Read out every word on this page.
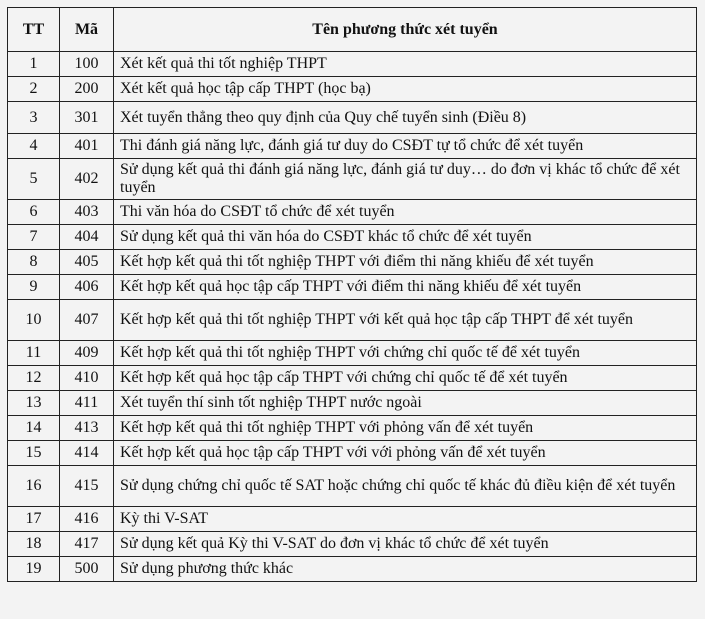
TT	Mã	Tên phương thức xét tuyển
1	100	Xét kết quả thi tốt nghiệp THPT
2	200	Xét kết quả học tập cấp THPT (học bạ)
3	301	Xét tuyển thẳng theo quy định của Quy chế tuyển sinh (Điều 8)
4	401	Thi đánh giá năng lực, đánh giá tư duy do CSĐT tự tổ chức để xét tuyển
5	402	Sử dụng kết quả thi đánh giá năng lực, đánh giá tư duy… do đơn vị khác tổ chức để xét tuyển
6	403	Thi văn hóa do CSĐT tổ chức để xét tuyển
7	404	Sử dụng kết quả thi văn hóa do CSĐT khác tổ chức để xét tuyển
8	405	Kết hợp kết quả thi tốt nghiệp THPT với điểm thi năng khiếu để xét tuyển
9	406	Kết hợp kết quả học tập cấp THPT với điểm thi năng khiếu để xét tuyển
10	407	Kết hợp kết quả thi tốt nghiệp THPT với kết quả học tập cấp THPT để xét tuyển
11	409	Kết hợp kết quả thi tốt nghiệp THPT với chứng chỉ quốc tế để xét tuyển
12	410	Kết hợp kết quả học tập cấp THPT với chứng chỉ quốc tế để xét tuyển
13	411	Xét tuyển thí sinh tốt nghiệp THPT nước ngoài
14	413	Kết hợp kết quả thi tốt nghiệp THPT với phỏng vấn để xét tuyển
15	414	Kết hợp kết quả học tập cấp THPT với với phỏng vấn để xét tuyển
16	415	Sử dụng chứng chỉ quốc tế SAT hoặc chứng chỉ quốc tế khác đủ điều kiện để xét tuyển
17	416	Kỳ thi V-SAT
18	417	Sử dụng kết quả Kỳ thi V-SAT do đơn vị khác tổ chức để xét tuyển
19	500	Sử dụng phương thức khác
